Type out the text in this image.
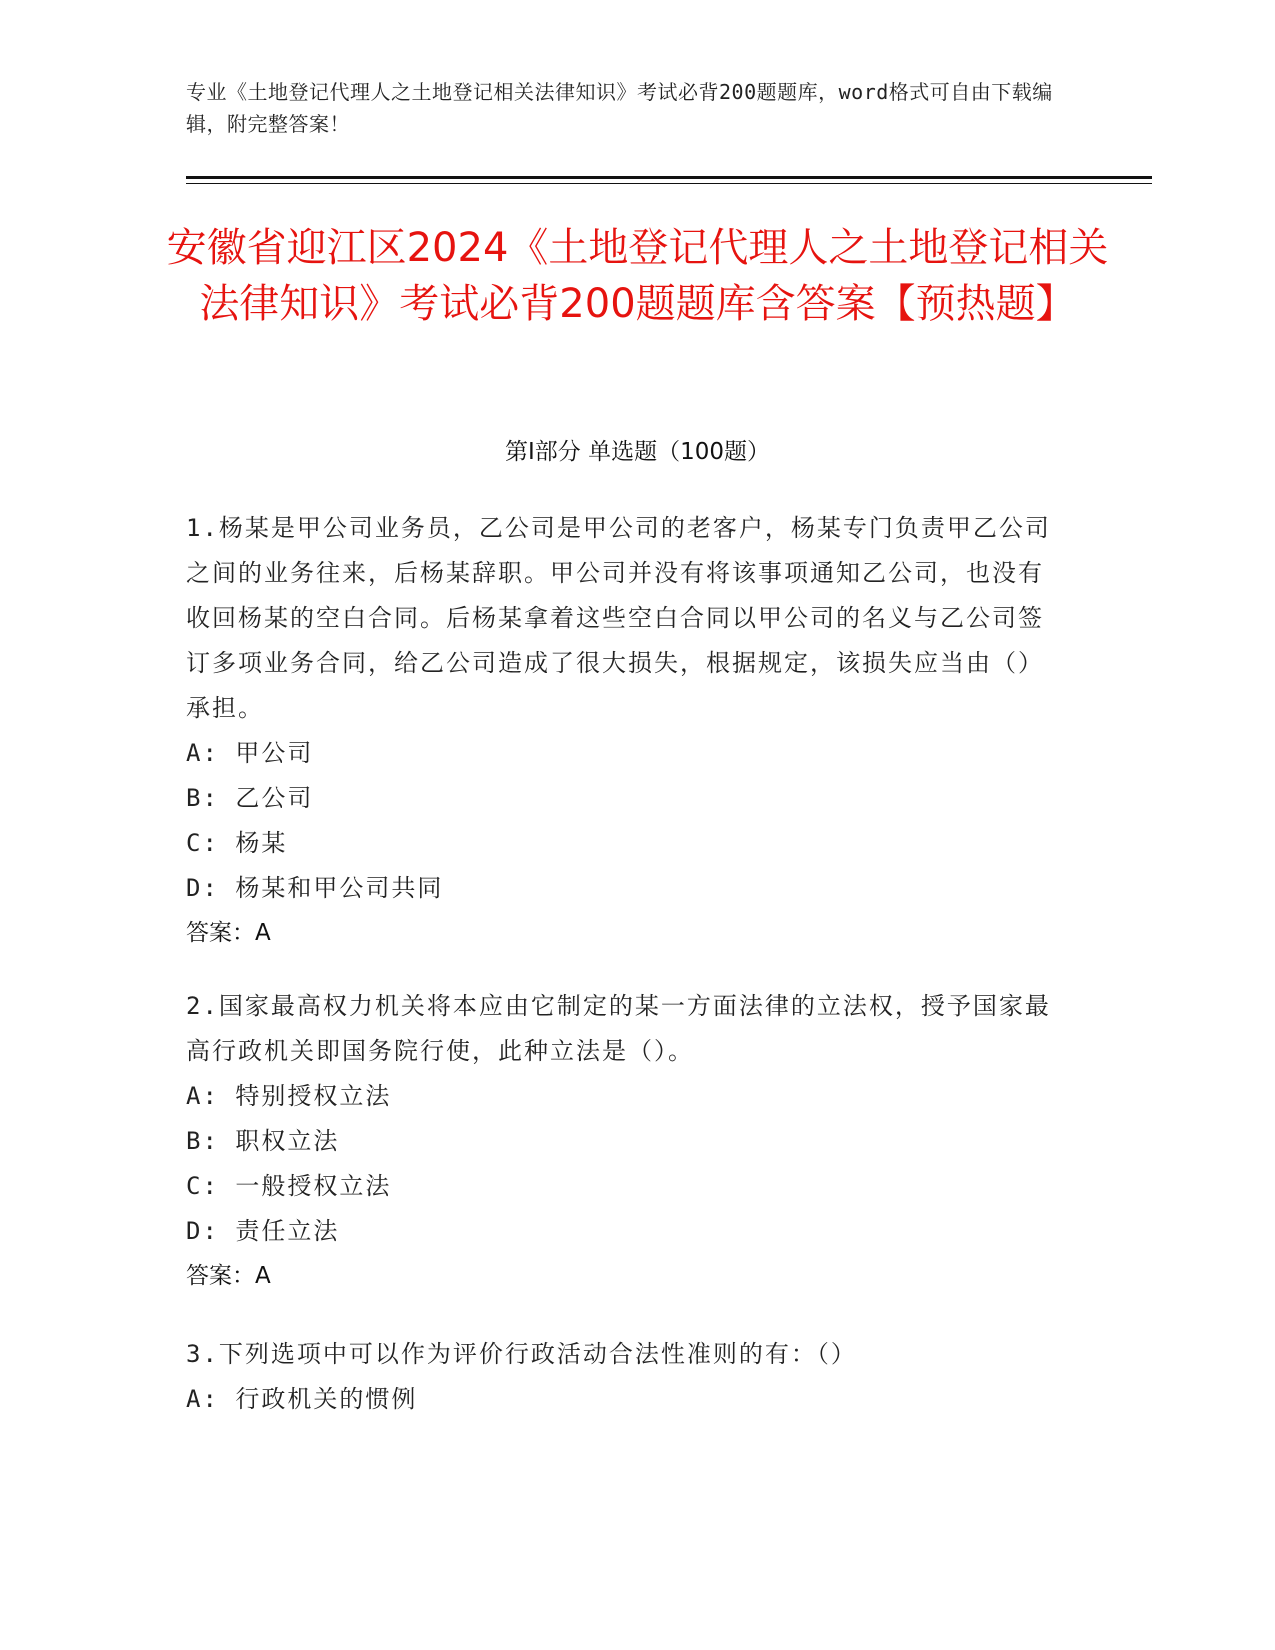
专业《土地登记代理人之土地登记相关法律知识》考试必背200题题库，word格式可自由下载编辑，附完整答案！
安徽省迎江区2024《土地登记代理人之土地登记相关法律知识》考试必背200题题库含答案【预热题】
第Ⅰ部分 单选题（100题）
1.杨某是甲公司业务员，乙公司是甲公司的老客户，杨某专门负责甲乙公司之间的业务往来，后杨某辞职。甲公司并没有将该事项通知乙公司，也没有收回杨某的空白合同。后杨某拿着这些空白合同以甲公司的名义与乙公司签订多项业务合同，给乙公司造成了很大损失，根据规定，该损失应当由（）承担。
A: 甲公司
B: 乙公司
C: 杨某
D: 杨某和甲公司共同
答案：A
2.国家最高权力机关将本应由它制定的某一方面法律的立法权，授予国家最高行政机关即国务院行使，此种立法是（）。
A: 特别授权立法
B: 职权立法
C: 一般授权立法
D: 责任立法
答案：A
3.下列选项中可以作为评价行政活动合法性准则的有：（）
A: 行政机关的惯例
